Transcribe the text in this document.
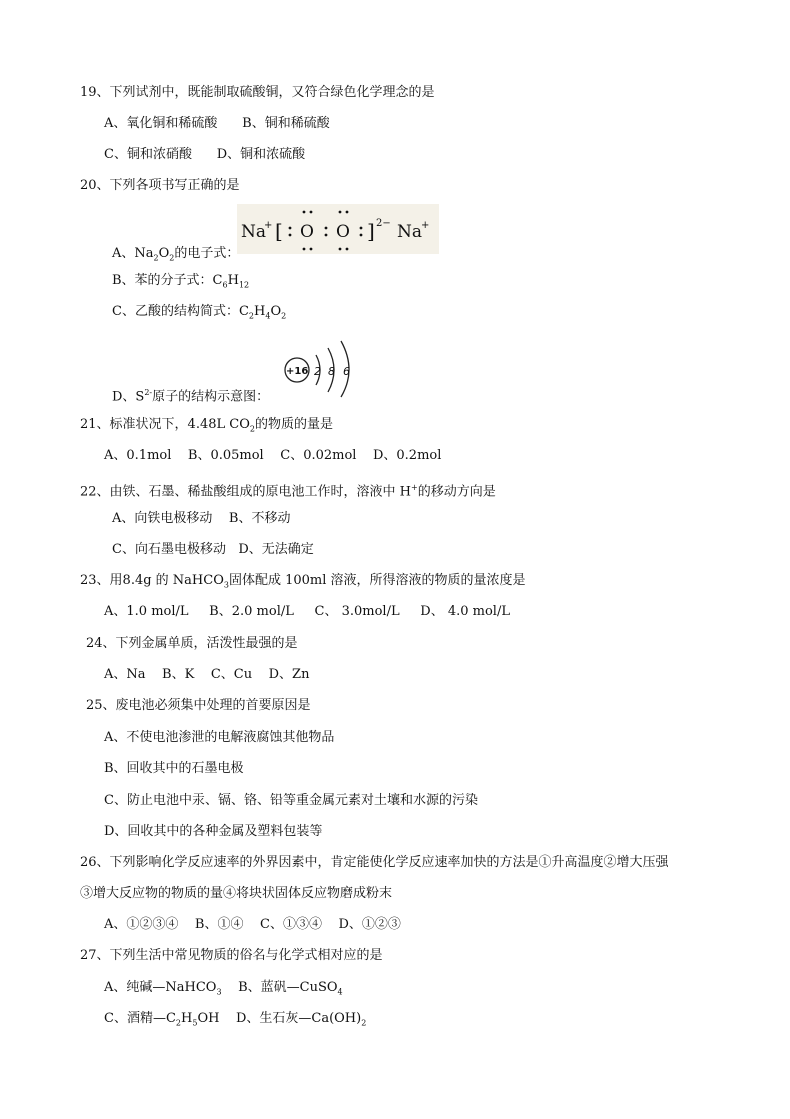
19、下列试剂中，既能制取硫酸铜，又符合绿色化学理念的是
A、氧化铜和稀硫酸      B、铜和稀硫酸
C、铜和浓硝酸      D、铜和浓硫酸
20、下列各项书写正确的是
Na
+ [ O O ] 2− Na
+
A、$Na_2O_2$的电子式：
B、苯的分子式：$C_6H_{12}$
C、乙酸的结构简式：$C_2H_4O_2$
+16 2 8 6
D、$S^{2-}$原子的结构示意图：
21、标准状况下，4.48L $CO_2$的物质的量是
A、0.1mol    B、0.05mol    C、0.02mol    D、0.2mol
22、由铁、石墨、稀盐酸组成的原电池工作时，溶液中 H+的移动方向是
A、向铁电极移动    B、不移动
C、向石墨电极移动   D、无法确定
23、用8.4g 的 NaHCO$_3$固体配成 100ml 溶液，所得溶液的物质的量浓度是
A、1.0 mol/L     B、2.0 mol/L     C、 3.0mol/L     D、 4.0 mol/L
24、下列金属单质，活泼性最强的是
A、Na    B、K    C、Cu    D、Zn
25、废电池必须集中处理的首要原因是
A、不使电池渗泄的电解液腐蚀其他物品
B、回收其中的石墨电极
C、防止电池中汞、镉、铬、铅等重金属元素对土壤和水源的污染
D、回收其中的各种金属及塑料包装等
26、下列影响化学反应速率的外界因素中，肯定能使化学反应速率加快的方法是①升高温度②增大压强
③增大反应物的物质的量④将块状固体反应物磨成粉末
A、①②③④    B、①④    C、①③④    D、①②③
27、下列生活中常见物质的俗名与化学式相对应的是
A、纯碱—NaHCO$_3$    B、蓝矾—CuSO$_4$
C、酒精$—C_2H_5OH$    D、生石灰$—Ca(OH)_2$
